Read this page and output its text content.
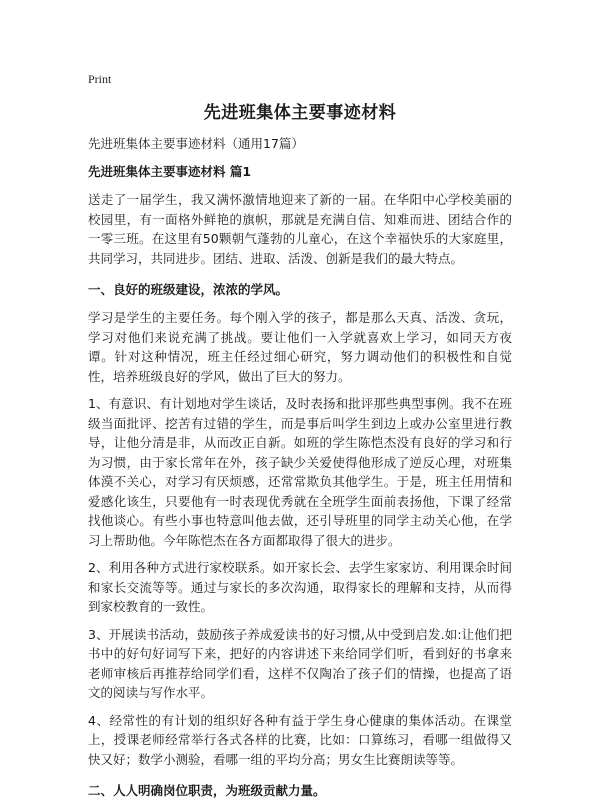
Print
先进班集体主要事迹材料
先进班集体主要事迹材料（通用17篇）
先进班集体主要事迹材料 篇1

送走了一届学生，我又满怀激情地迎来了新的一届。在华阳中心学校美丽的校园里，有一面格外鲜艳的旗帜，那就是充满自信、知难而进、团结合作的一零三班。在这里有50颗朝气蓬勃的儿童心，在这个幸福快乐的大家庭里，共同学习，共同进步。团结、进取、活泼、创新是我们的最大特点。

一、良好的班级建设，浓浓的学风。

学习是学生的主要任务。每个刚入学的孩子，都是那么天真、活泼、贪玩，学习对他们来说充满了挑战。要让他们一入学就喜欢上学习，如同天方夜谭。针对这种情况，班主任经过细心研究，努力调动他们的积极性和自觉性，培养班级良好的学风，做出了巨大的努力。

1、有意识、有计划地对学生谈话，及时表扬和批评那些典型事例。我不在班级当面批评、挖苦有过错的学生，而是事后叫学生到边上或办公室里进行教导，让他分清是非，从而改正自新。如班的学生陈恺杰没有良好的学习和行为习惯，由于家长常年在外，孩子缺少关爱使得他形成了逆反心理，对班集体漠不关心，对学习有厌烦感，还常常欺负其他学生。于是，班主任用情和爱感化该生，只要他有一时表现优秀就在全班学生面前表扬他，下课了经常找他谈心。有些小事也特意叫他去做，还引导班里的同学主动关心他，在学习上帮助他。今年陈恺杰在各方面都取得了很大的进步。

2、利用各种方式进行家校联系。如开家长会、去学生家家访、利用课余时间和家长交流等等。通过与家长的多次沟通，取得家长的理解和支持，从而得到家校教育的一致性。

3、开展读书活动，鼓励孩子养成爱读书的好习惯,从中受到启发.如:让他们把书中的好句好词写下来，把好的内容讲述下来给同学们听，看到好的书拿来老师审核后再推荐给同学们看，这样不仅陶冶了孩子们的情操，也提高了语文的阅读与写作水平。

4、经常性的有计划的组织好各种有益于学生身心健康的集体活动。在课堂上，授课老师经常举行各式各样的比赛，比如：口算练习，看哪一组做得又快又好；数学小测验，看哪一组的平均分高；男女生比赛朗读等等。

二、人人明确岗位职责，为班级贡献力量。
